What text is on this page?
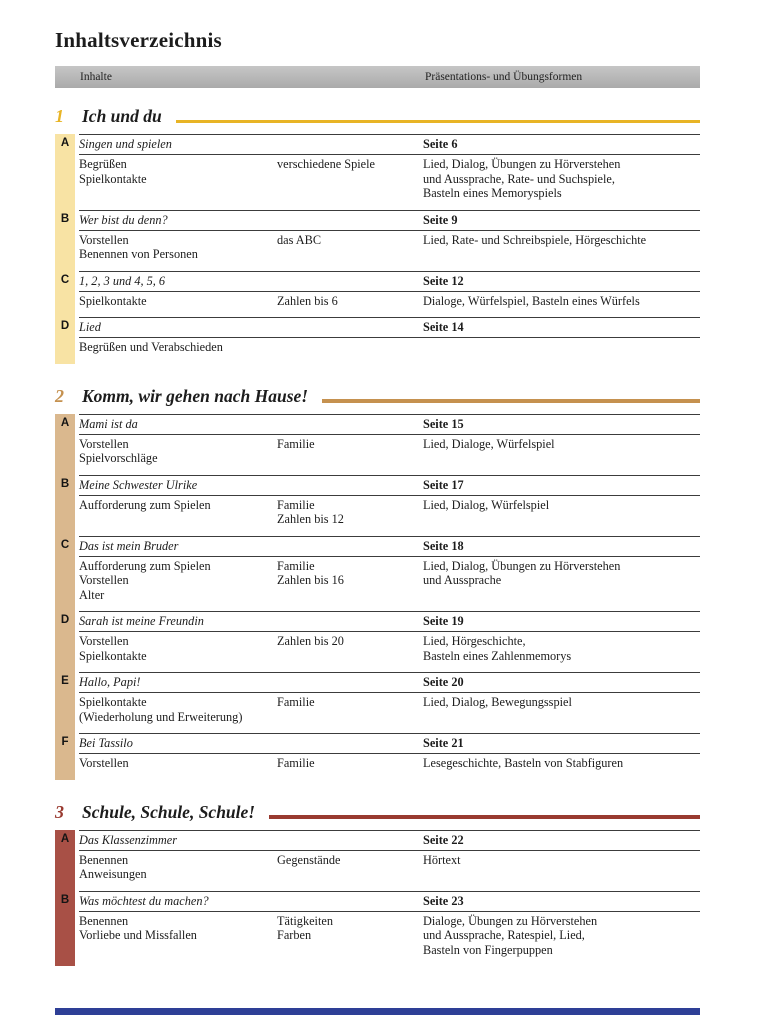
Inhaltsverzeichnis
Inhalte	Präsentations- und Übungsformen
1	Ich und du
A Singen und spielen	Seite 6
Begrüßen
Spielkontakte
verschiedene Spiele	Lied, Dialog, Übungen zu Hörverstehen
und Aussprache, Rate- und Suchspiele,
Basteln eines Memoryspiels
B Wer bist du denn?	Seite 9
Vorstellen
Benennen von Personen
das ABC	Lied, Rate- und Schreibspiele, Hörgeschichte
C 1, 2, 3 und 4, 5, 6	Seite 12
Spielkontakte	Zahlen bis 6	Dialoge, Würfelspiel, Basteln eines Würfels
D Lied	Seite 14
Begrüßen und Verabschieden
2	Komm, wir gehen nach Hause!
A Mami ist da	Seite 15
Vorstellen
Spielvorschläge
Familie	Lied, Dialoge, Würfelspiel
B Meine Schwester Ulrike	Seite 17
Aufforderung zum Spielen	Familie
Zahlen bis 12
Lied, Dialog, Würfelspiel
C Das ist mein Bruder	Seite 18
Aufforderung zum Spielen
Vorstellen
Alter
Familie
Zahlen bis 16
Lied, Dialog, Übungen zu Hörverstehen
und Aussprache
D Sarah ist meine Freundin	Seite 19
Vorstellen
Spielkontakte
Zahlen bis 20	Lied, Hörgeschichte,
Basteln eines Zahlenmemorys
E Hallo, Papi!	Seite 20
Spielkontakte
(Wiederholung und Erweiterung)
Familie	Lied, Dialog, Bewegungsspiel
F Bei Tassilo	Seite 21
Vorstellen	Familie	Lesegeschichte, Basteln von Stabfiguren
3	Schule, Schule, Schule!
A Das Klassenzimmer	Seite 22
Benennen
Anweisungen
Gegenstände	Hörtext
B Was möchtest du machen?	Seite 23
Benennen
Vorliebe und Missfallen
Tätigkeiten
Farben
Dialoge, Übungen zu Hörverstehen
und Aussprache, Ratespiel, Lied,
Basteln von Fingerpuppen
